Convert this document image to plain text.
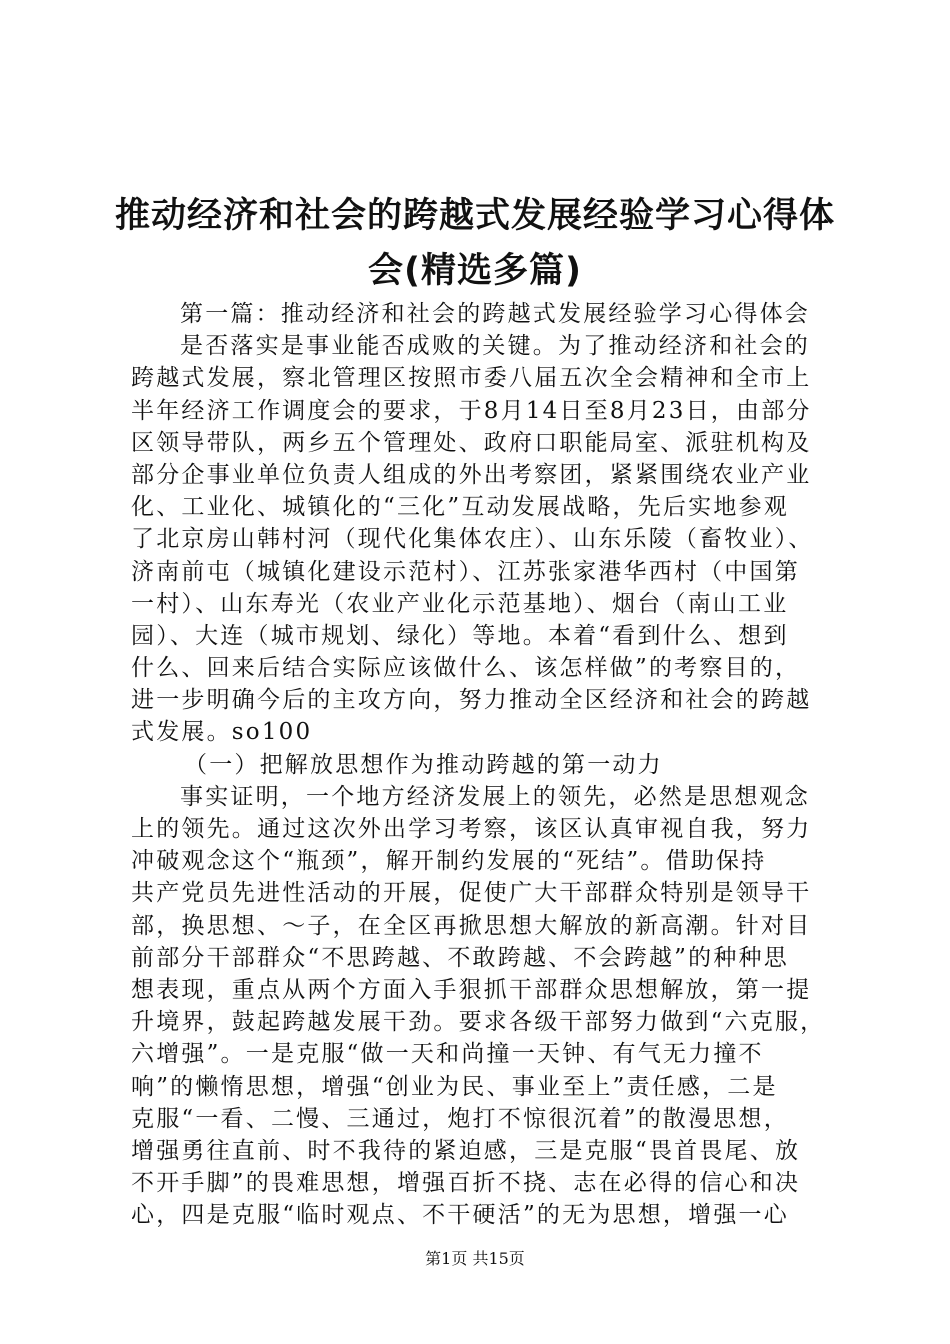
推动经济和社会的跨越式发展经验学习心得体
会(精选多篇)
第一篇：推动经济和社会的跨越式发展经验学习心得体会
是否落实是事业能否成败的关键。为了推动经济和社会的
跨越式发展，察北管理区按照市委八届五次全会精神和全市上
半年经济工作调度会的要求，于8月14日至8月23日，由部分
区领导带队，两乡五个管理处、政府口职能局室、派驻机构及
部分企事业单位负责人组成的外出考察团，紧紧围绕农业产业
化、工业化、城镇化的“三化”互动发展战略，先后实地参观
了北京房山韩村河（现代化集体农庄）、山东乐陵（畜牧业）、
济南前屯（城镇化建设示范村）、江苏张家港华西村（中国第
一村）、山东寿光（农业产业化示范基地）、烟台（南山工业
园）、大连（城市规划、绿化）等地。本着“看到什么、想到
什么、回来后结合实际应该做什么、该怎样做”的考察目的，
进一步明确今后的主攻方向，努力推动全区经济和社会的跨越
式发展。so100
（一）把解放思想作为推动跨越的第一动力
事实证明，一个地方经济发展上的领先，必然是思想观念
上的领先。通过这次外出学习考察，该区认真审视自我，努力
冲破观念这个“瓶颈”，解开制约发展的“死结”。借助保持
共产党员先进性活动的开展，促使广大干部群众特别是领导干
部，换思想、～子，在全区再掀思想大解放的新高潮。针对目
前部分干部群众“不思跨越、不敢跨越、不会跨越”的种种思
想表现，重点从两个方面入手狠抓干部群众思想解放，第一提
升境界，鼓起跨越发展干劲。要求各级干部努力做到“六克服，
六增强”。一是克服“做一天和尚撞一天钟、有气无力撞不
响”的懒惰思想，增强“创业为民、事业至上”责任感，二是
克服“一看、二慢、三通过，炮打不惊很沉着”的散漫思想，
增强勇往直前、时不我待的紧迫感，三是克服“畏首畏尾、放
不开手脚”的畏难思想，增强百折不挠、志在必得的信心和决
心，四是克服“临时观点、不干硬活”的无为思想，增强一心
第1页 共15页
